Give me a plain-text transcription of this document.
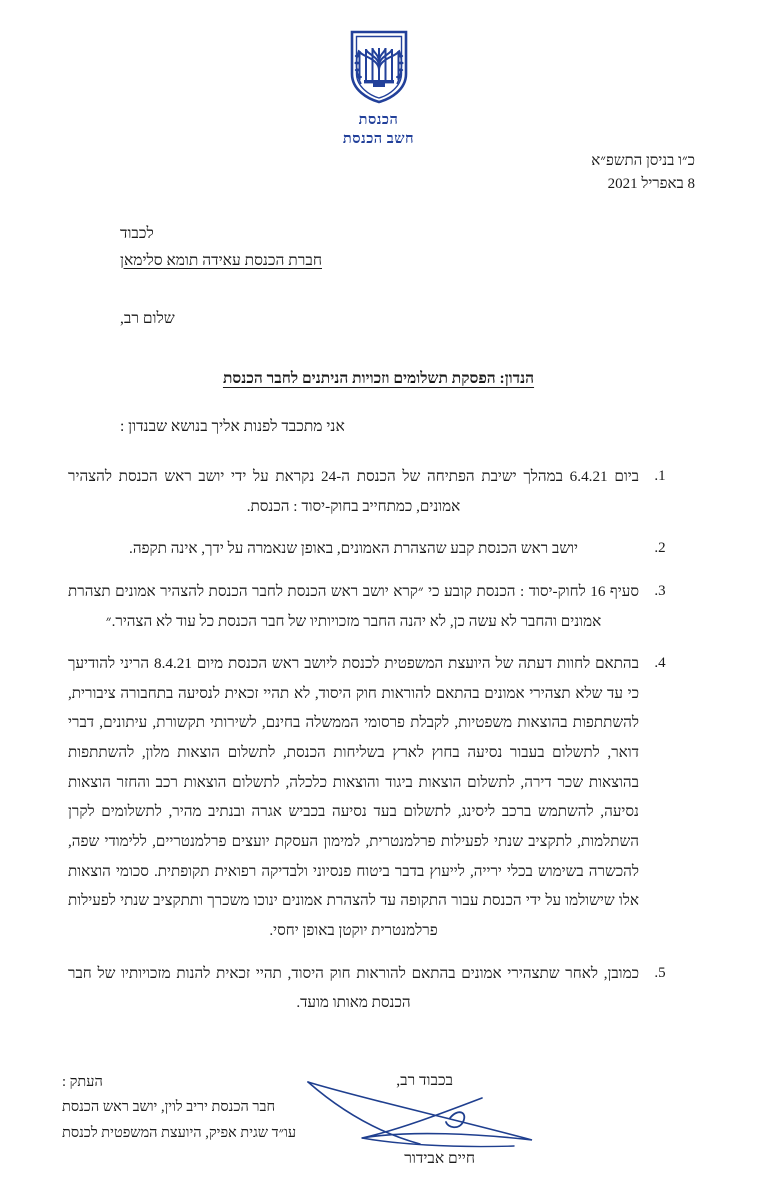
הכנסת
חשב הכנסת
כ״ו בניסן התשפ״א
8 באפריל 2021
לכבוד
חברת הכנסת עאידה תומא סלימאן
שלום רב,
הנדון: הפסקת תשלומים וזכויות הניתנים לחבר הכנסת
אני מתכבד לפנות אליך בנושא שבנדון :
1.
ביום 6.4.21 במהלך ישיבת הפתיחה של הכנסת ה-24 נקראת על ידי יושב ראש הכנסת להצהיר אמונים, כמתחייב בחוק-יסוד : הכנסת.
2.
יושב ראש הכנסת קבע שהצהרת האמונים, באופן שנאמרה על ידך, אינה תקפה.
3.
סעיף 16 לחוק-יסוד : הכנסת קובע כי ״קרא יושב ראש הכנסת לחבר הכנסת להצהיר אמונים תצהרת אמונים והחבר לא עשה כן, לא יהנה החבר מזכויותיו של חבר הכנסת כל עוד לא הצהיר.״
4.
בהתאם לחוות דעתה של היועצת המשפטית לכנסת ליושב ראש הכנסת מיום 8.4.21 הריני להודיעך כי עד שלא תצהירי אמונים בהתאם להוראות חוק היסוד, לא תהיי זכאית לנסיעה בתחבורה ציבורית, להשתתפות בהוצאות משפטיות, לקבלת פרסומי הממשלה בחינם, לשירותי תקשורת, עיתונים, דברי דואר, לתשלום בעבור נסיעה בחוץ לארץ בשליחות הכנסת, לתשלום הוצאות מלון, להשתתפות בהוצאות שכר דירה, לתשלום הוצאות ביגוד והוצאות כלכלה, לתשלום הוצאות רכב והחזר הוצאות נסיעה, להשתמש ברכב ליסינג, לתשלום בעד נסיעה בכביש אגרה ובנתיב מהיר, לתשלומים לקרן השתלמות, לתקציב שנתי לפעילות פרלמנטרית, למימון העסקת יועצים פרלמנטריים, ללימודי שפה, להכשרה בשימוש בכלי ירייה, לייעוץ בדבר ביטוח פנסיוני ולבדיקה רפואית תקופתית. סכומי הוצאות אלו שישולמו על ידי הכנסת עבור התקופה עד להצהרת אמונים ינוכו משכרך ותתקציב שנתי לפעילות פרלמנטרית יוקטן באופן יחסי.
5.
כמובן, לאחר שתצהירי אמונים בהתאם להוראות חוק היסוד, תהיי זכאית להנות מזכויותיו של חבר הכנסת מאותו מועד.
בכבוד רב,
חיים אבידור
העתק :
חבר הכנסת יריב לוין, יושב ראש הכנסת
עו״ד שגית אפיק, היועצת המשפטית לכנסת
